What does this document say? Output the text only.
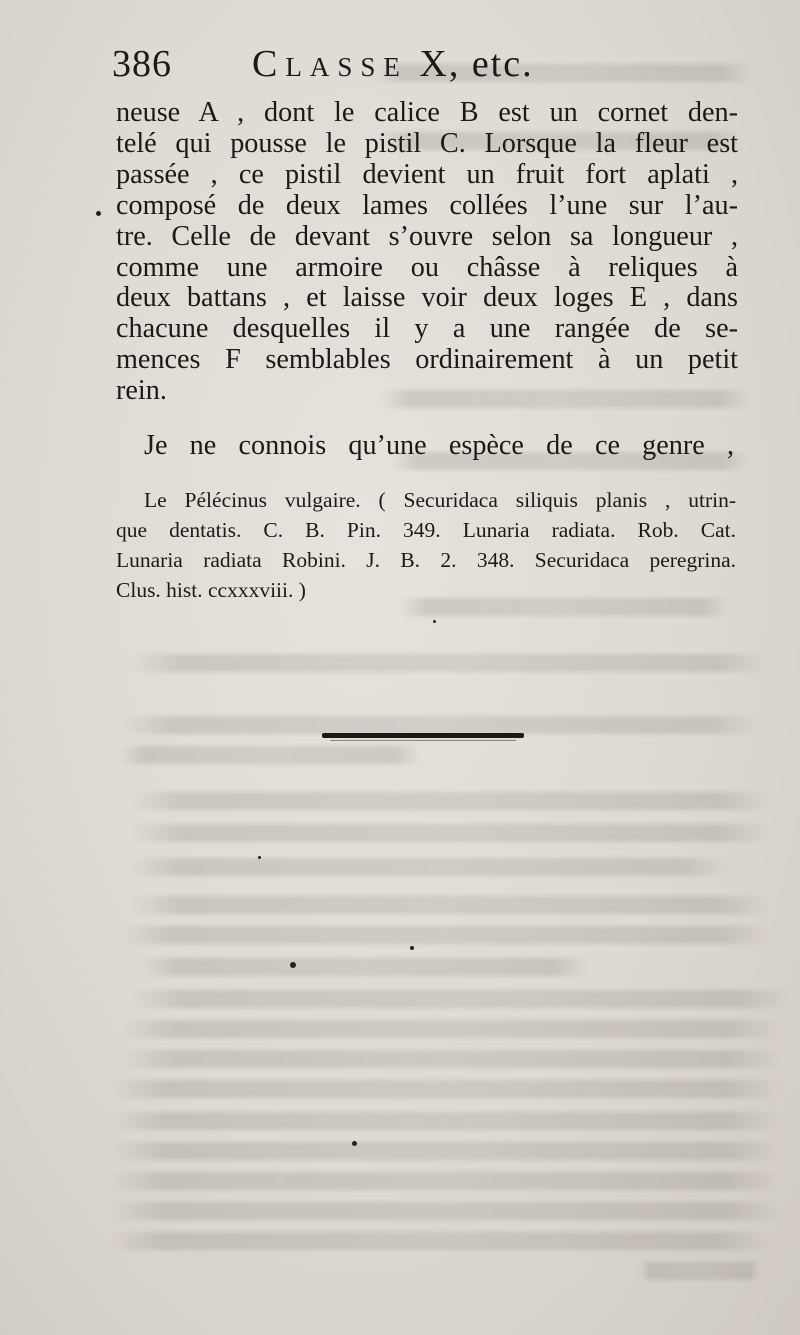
386 Classe X, etc.
neuse A , dont le calice B est un cornet den-
telé qui pousse le pistil C. Lorsque la fleur est
passée , ce pistil devient un fruit fort aplati ,
composé de deux lames collées l’une sur l’au-
tre. Celle de devant s’ouvre selon sa longueur ,
comme une armoire ou châsse à reliques à
deux battans , et laisse voir deux loges E , dans
chacune desquelles il y a une rangée de se-
mences F semblables ordinairement à un petit
rein.
Je ne connois qu’une espèce de ce genre ,
Le Pélécinus vulgaire. ( Securidaca siliquis planis , utrin-
que dentatis. C. B. Pin. 349. Lunaria radiata. Rob. Cat.
Lunaria radiata Robini. J. B. 2. 348. Securidaca peregrina.
Clus. hist. ccxxxviii. )
